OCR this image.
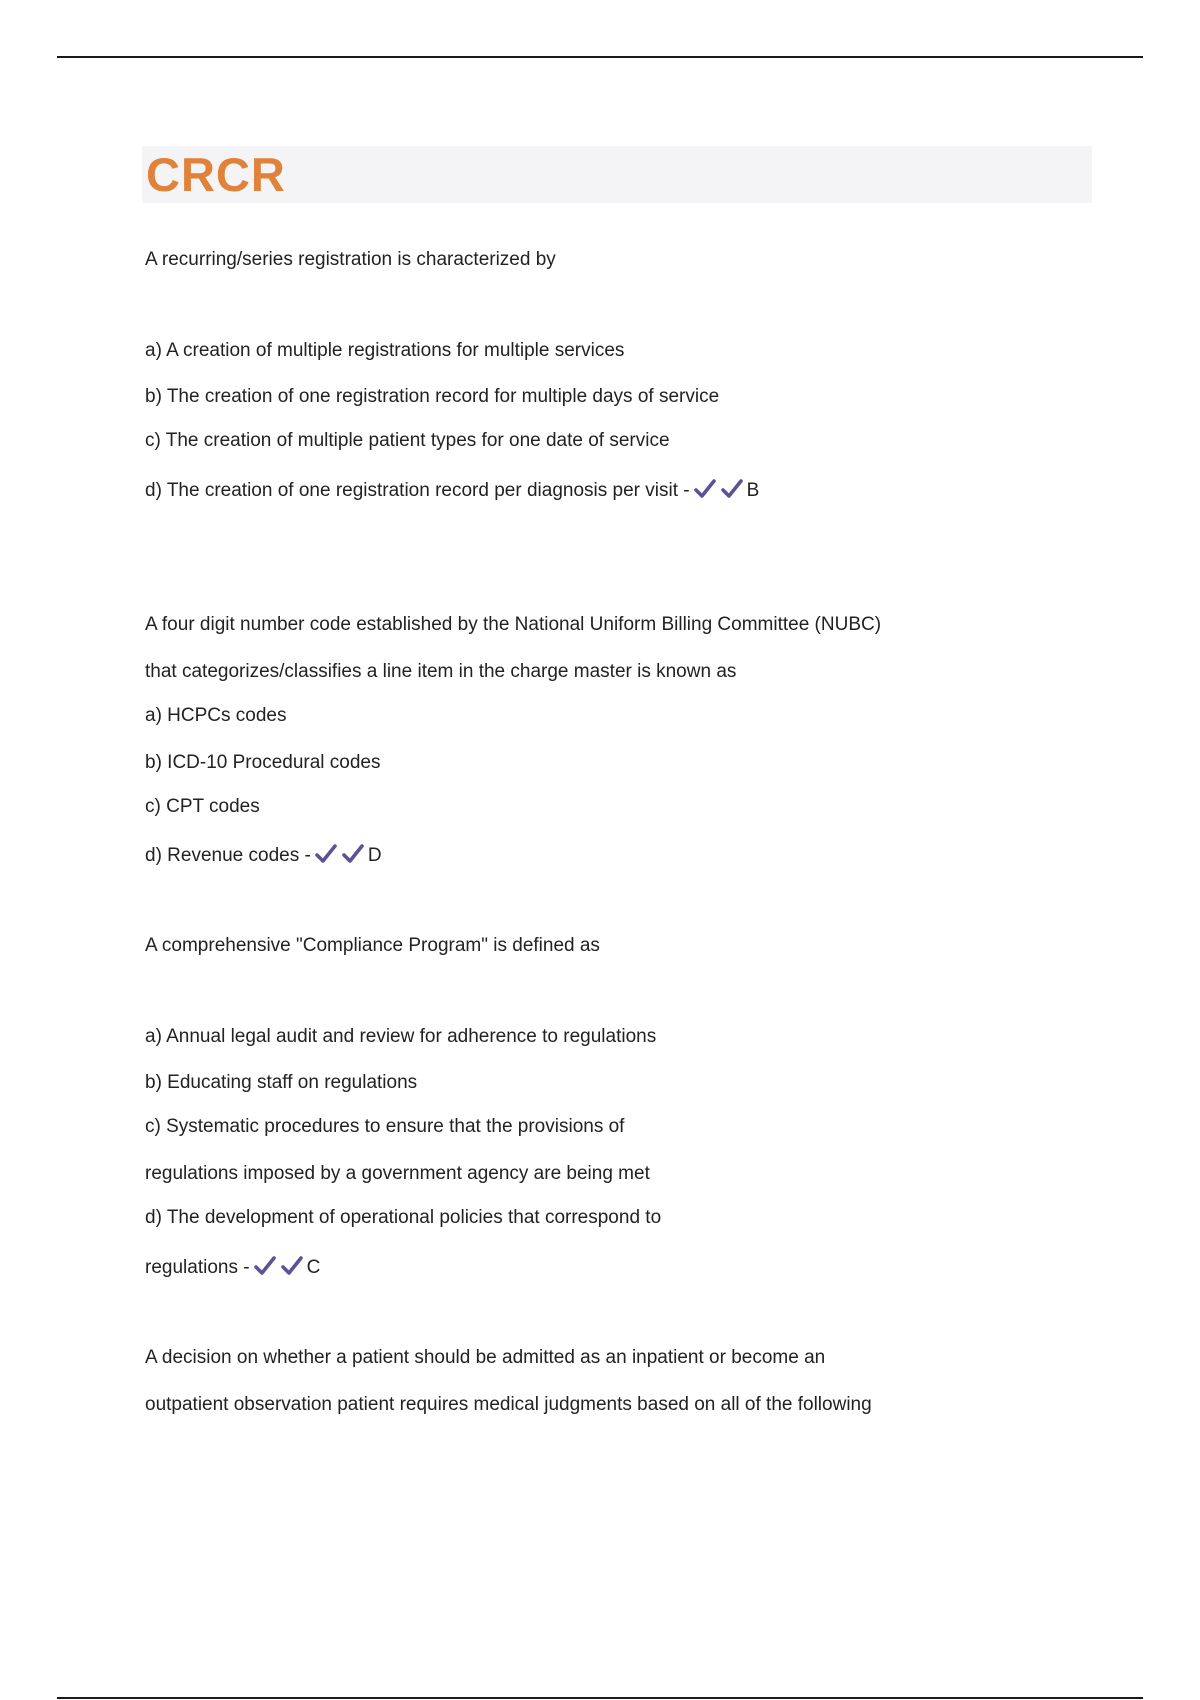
CRCR

A recurring/series registration is characterized by

a) A creation of multiple registrations for multiple services

b) The creation of one registration record for multiple days of service

c) The creation of multiple patient types for one date of service

d) The creation of one registration record per diagnosis per visit -	B

A four digit number code established by the National Uniform Billing Committee (NUBC)

that categorizes/classifies a line item in the charge master is known as

a) HCPCs codes

b) ICD-10 Procedural codes

c) CPT codes

d) Revenue codes -	D

A comprehensive "Compliance Program" is defined as

a) Annual legal audit and review for adherence to regulations

b) Educating staff on regulations

c) Systematic procedures to ensure that the provisions of

regulations imposed by a government agency are being met

d) The development of operational policies that correspond to

regulations -	C

A decision on whether a patient should be admitted as an inpatient or become an

outpatient observation patient requires medical judgments based on all of the following
